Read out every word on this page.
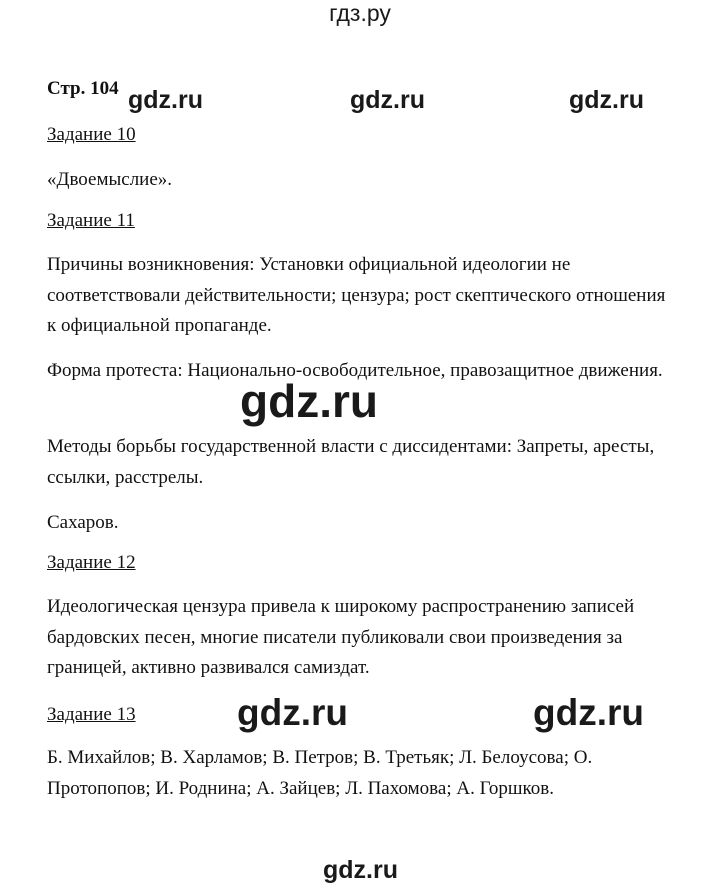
гдз.ру
Стр. 104 gdz.ru	gdz.ru	gdz.ru
Задание 10
«Двоемыслие».
Задание 11
Причины возникновения: Установки официальной идеологии не соответствовали действительности; цензура; рост скептического отношения к официальной пропаганде.
Форма протеста: Национально-освободительное, правозащитное движения.
Методы борьбы государственной власти с диссидентами: Запреты, аресты, ссылки, расстрелы.
Сахаров.
gdz.ru
Задание 12
Идеологическая цензура привела к широкому распространению записей бардовских песен, многие писатели публиковали свои произведения за границей, активно развивался самиздат.
Задание 13	gdz.ru	gdz.ru
Б. Михайлов; В. Харламов; В. Петров; В. Третьяк; Л. Белоусова; О. Протопопов; И. Роднина; А. Зайцев; Л. Пахомова; А. Горшков.
gdz.ru
